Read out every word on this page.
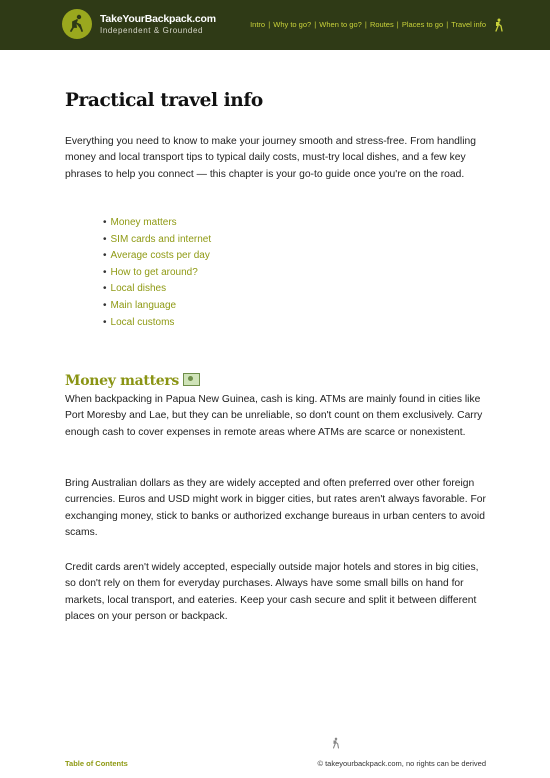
TakeYourBackpack.com
Independent & Grounded
Intro | Why to go? | When to go? | Routes | Places to go | Travel info
Practical travel info

Everything you need to know to make your journey smooth and stress-free. From handling money and local transport tips to typical daily costs, must-try local dishes, and a few key phrases to help you connect — this chapter is your go-to guide once you're on the road.

• Money matters
• SIM cards and internet
• Average costs per day
• How to get around?
• Local dishes
• Main language
• Local customs
Money matters

When backpacking in Papua New Guinea, cash is king. ATMs are mainly found in cities like Port Moresby and Lae, but they can be unreliable, so don't count on them exclusively. Carry enough cash to cover expenses in remote areas where ATMs are scarce or nonexistent.

Bring Australian dollars as they are widely accepted and often preferred over other foreign currencies. Euros and USD might work in bigger cities, but rates aren't always favorable. For exchanging money, stick to banks or authorized exchange bureaus in urban centers to avoid scams.

Credit cards aren't widely accepted, especially outside major hotels and stores in big cities, so don't rely on them for everyday purchases. Always have some small bills on hand for markets, local transport, and eateries. Keep your cash secure and split it between different places on your person or backpack.

Table of Contents	© takeyourbackpack.com, no rights can be derived
